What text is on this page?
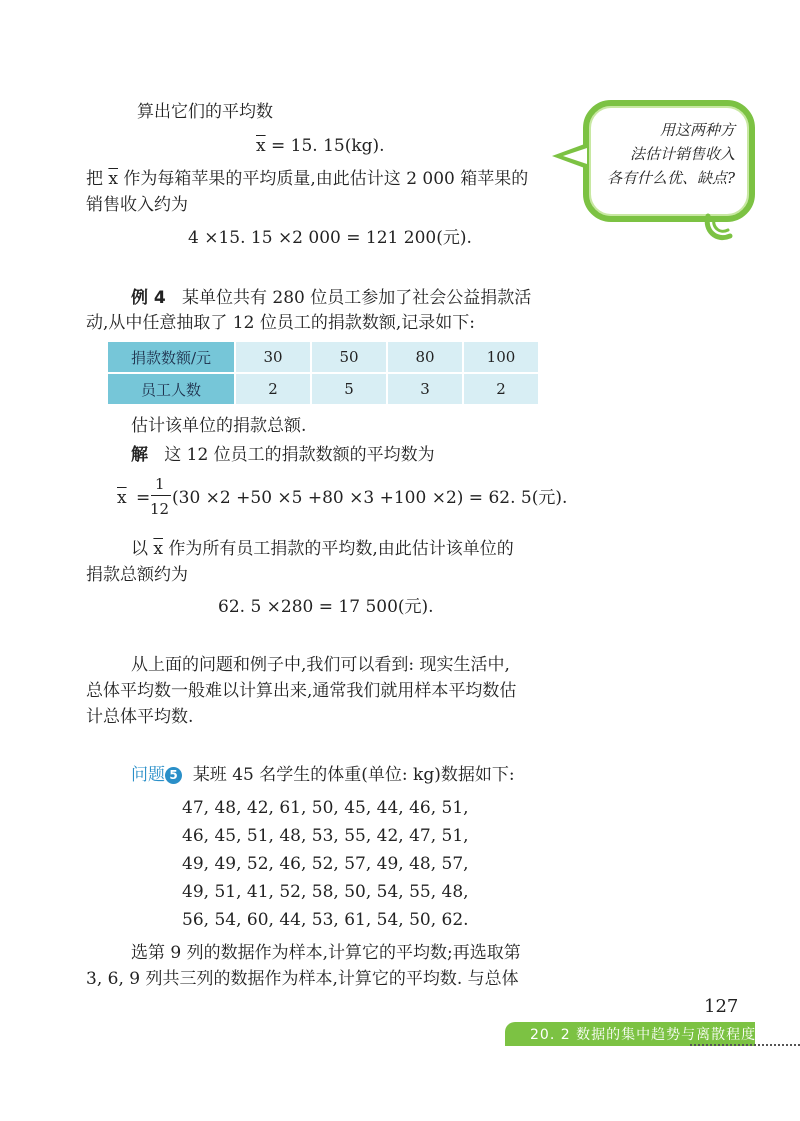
算出它们的平均数
$\overline{x} = 15$. 15(kg).
把 $\overline{x}$ 作为每箱苹果的平均质量,由此估计这 2 000 箱苹果的
销售收入约为
4 ×15. 15 ×2 000 = 121 200(元).
用这两种方
法估计销售收入
各有什么优、缺点?
例 4 某单位共有 280 位员工参加了社会公益捐款活
动,从中任意抽取了 12 位员工的捐款数额,记录如下:
捐款数额/元	30	50	80	100
员工人数	2	5	3	2
估计该单位的捐款总额.
解 这 12 位员工的捐款数额的平均数为
$\overline{x}$ =
1
12
(30 ×2 +50 ×5 +80 ×3 +100 ×2) = 62. 5(元).
以 $\overline{x}$ 作为所有员工捐款的平均数,由此估计该单位的
捐款总额约为
62. 5 ×280 = 17 500(元).
从上面的问题和例子中,我们可以看到: 现实生活中,
总体平均数一般难以计算出来,通常我们就用样本平均数估
计总体平均数.
问题 5 某班 45 名学生的体重(单位: kg)数据如下:
47, 48, 42, 61, 50, 45, 44, 46, 51,
46, 45, 51, 48, 53, 55, 42, 47, 51,
49, 49, 52, 46, 52, 57, 49, 48, 57,
49, 51, 41, 52, 58, 50, 54, 55, 48,
56, 54, 60, 44, 53, 61, 54, 50, 62.
选第 9 列的数据作为样本,计算它的平均数;再选取第
3, 6, 9 列共三列的数据作为样本,计算它的平均数. 与总体
127
20. 2 数据的集中趋势与离散程度
